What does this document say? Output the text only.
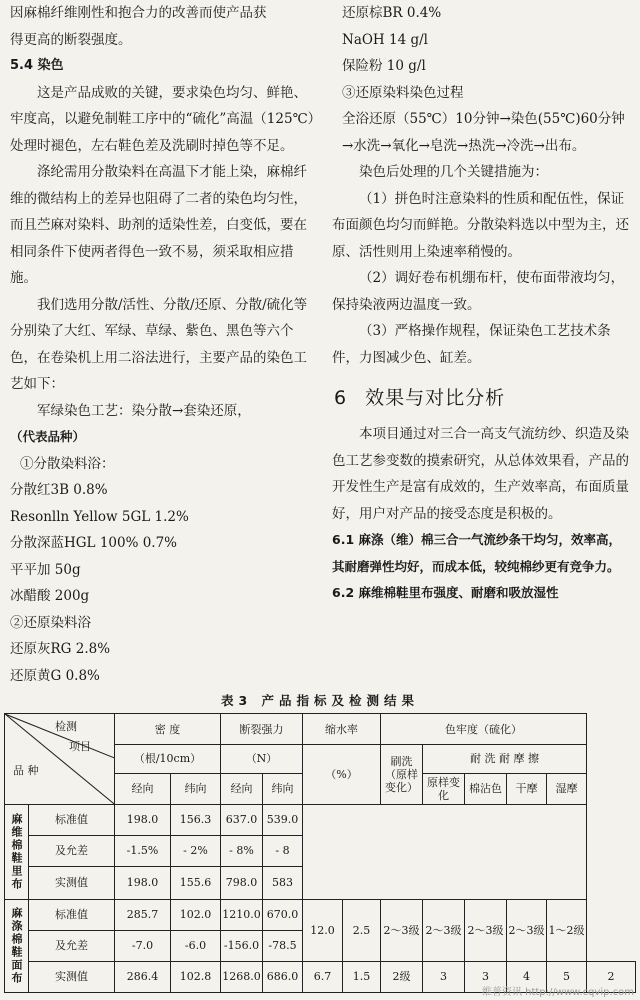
因麻棉纤维刚性和抱合力的改善而使产品获

得更高的断裂强度。

5.4 染色

这是产品成败的关键，要求染色均匀、鲜艳、牢度高，以避免制鞋工序中的“硫化”高温（125℃）处理时褪色，左右鞋色差及洗刷时掉色等不足。

涤纶需用分散染料在高温下才能上染，麻棉纤维的微结构上的差异也阻碍了二者的染色均匀性，而且苎麻对染料、助剂的适染性差，白变低，要在相同条件下使两者得色一致不易，须采取相应措施。

我们选用分散/活性、分散/还原、分散/硫化等分别染了大红、军绿、草绿、紫色、黑色等六个色，在卷染机上用二浴法进行，主要产品的染色工艺如下：

军绿染色工艺：染分散→套染还原，

（代表品种）

①分散染料浴：

分散红3B 0.8%

Resonlln Yellow 5GL 1.2%

分散深蓝HGL 100% 0.7%

平平加 50g

冰醋酸 200g

②还原染料浴

还原灰RG 2.8%

还原黄G 0.8%

还原棕BR 0.4%

NaOH 14 g/l

保险粉 10 g/l

③还原染料染色过程

全浴还原（55℃）10分钟→染色(55℃)60分钟→水洗→氧化→皂洗→热洗→冷洗→出布。

染色后处理的几个关键措施为：

（1）拼色时注意染料的性质和配伍性，保证布面颜色均匀而鲜艳。分散染料选以中型为主，还原、活性则用上染速率稍慢的。

（2）调好卷布机绷布杆，使布面带液均匀，保持染液两边温度一致。

（3）严格操作规程，保证染色工艺技术条件，力图减少色、缸差。

6 效果与对比分析

本项目通过对三合一高支气流纺纱、织造及染色工艺参变数的摸索研究，从总体效果看，产品的开发性生产是富有成效的，生产效率高，布面质量好，用户对产品的接受态度是积极的。

6.1 麻涤（维）棉三合一气流纱条干均匀，效率高，其耐磨弹性均好，而成本低，较纯棉纱更有竞争力。

6.2 麻维棉鞋里布强度、耐磨和吸放湿性

表3 产品指标及检测结果
检测
项目
品 种		密 度		断裂强力		缩水率		色牢度（硫化）					
		（根/10cm）		（N）		（%）		刷洗（原样变化）	耐 洗 耐 摩 擦				
		经向	纬向	经向	纬向				原样变化	棉沾色	干摩	湿摩	
麻维棉鞋里布	标准值	198.0	156.3	637.0	539.0								
	及允差	-1.5%	- 2%	- 8%	- 8								
	实测值	198.0	155.6	798.0	583								
麻涤棉鞋面布	标准值	285.7	102.0	1210.0	670.0	12.0	2.5	2～3级	2～3级	2～3级	2～3级	1～2级	
	及允差	-7.0	-6.0	-156.0	-78.5								
	实测值	286.4	102.8	1268.0	686.0	6.7	1.5	2级	3	3	4	5	2
维普资讯 http://www.cqvip.com
